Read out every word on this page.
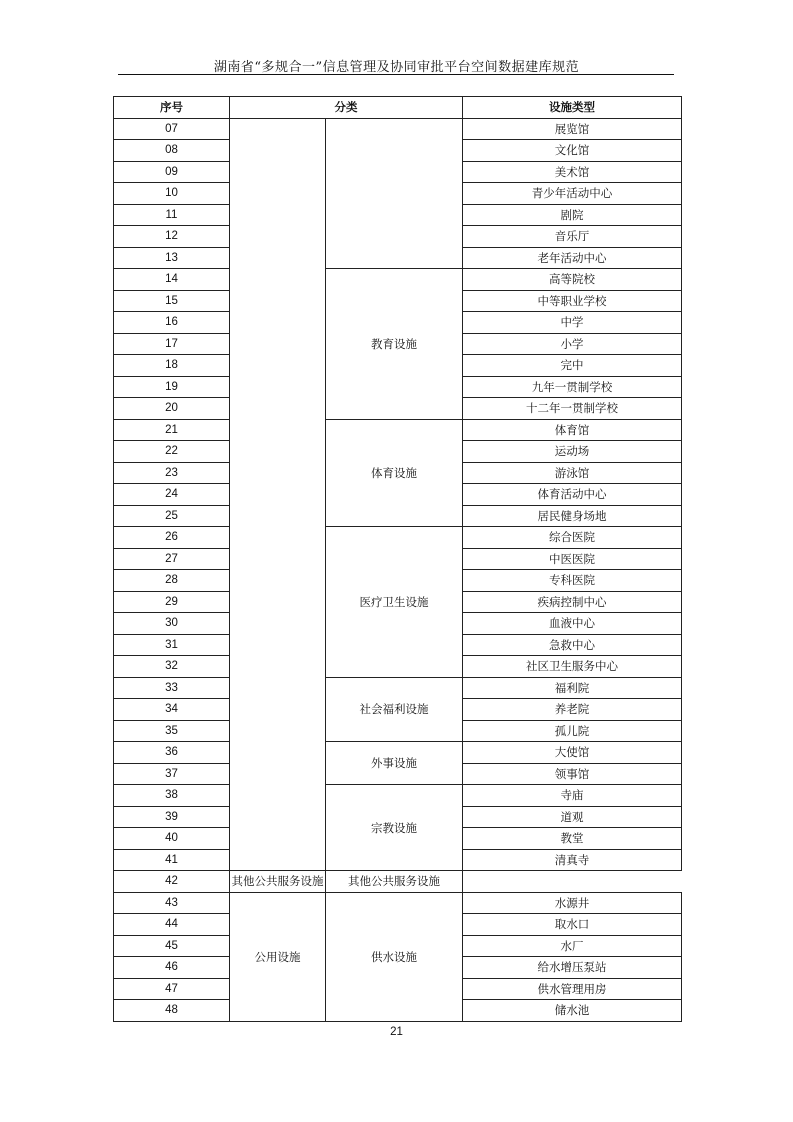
湖南省“多规合一”信息管理及协同审批平台空间数据建库规范
序号	分类		设施类型
07			展览馆
08			文化馆
09			美术馆
10			青少年活动中心
11			剧院
12			音乐厅
13			老年活动中心
14		教育设施	高等院校
15			中等职业学校
16			中学
17			小学
18			完中
19			九年一贯制学校
20			十二年一贯制学校
21		体育设施	体育馆
22			运动场
23			游泳馆
24			体育活动中心
25			居民健身场地
26		医疗卫生设施	综合医院
27			中医医院
28			专科医院
29			疾病控制中心
30			血液中心
31			急救中心
32			社区卫生服务中心
33		社会福利设施	福利院
34			养老院
35			孤儿院
36		外事设施	大使馆
37			领事馆
38		宗教设施	寺庙
39			道观
40			教堂
41			清真寺
42	其他公共服务设施	其他公共服务设施	
43	公用设施	供水设施	水源井
44			取水口
45			水厂
46			给水增压泵站
47			供水管理用房
48			储水池
21
